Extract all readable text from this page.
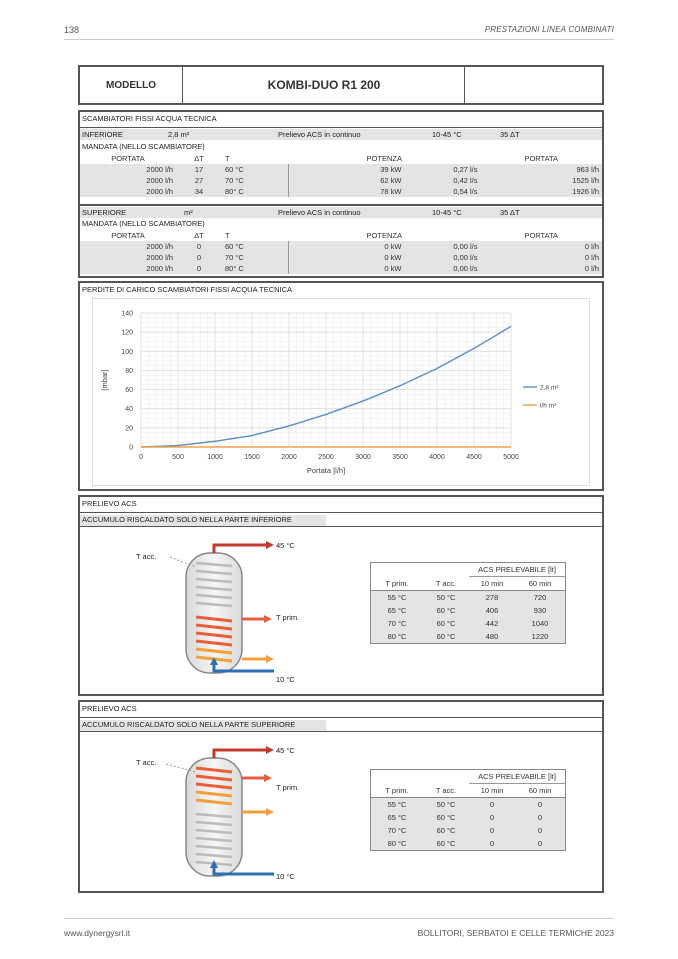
138	PRESTAZIONI LINEA COMBINATI
MODELLO	KOMBI-DUO R1 200
SCAMBIATORI FISSI ACQUA TECNICA
INFERIORE	2,8 m²	Prelievo ACS in continuo	10-45 °C	35 ΔT
MANDATA (NELLO SCAMBIATORE)
PORTATA	ΔT	T	POTENZA		PORTATA
2000 l/h	17	60 °C	39 kW	0,27 l/s	963 l/h
2000 l/h	27	70 °C	62 kW	0,42 l/s	1525 l/h
2000 l/h	34	80° C	78 kW	0,54 l/s	1926 l/h
SUPERIORE	m²	Prelievo ACS in continuo	10-45 °C	35 ΔT
MANDATA (NELLO SCAMBIATORE)
PORTATA	ΔT	T	POTENZA		PORTATA
2000 l/h	0	60 °C	0 kW	0,00 l/s	0 l/h
2000 l/h	0	70 °C	0 kW	0,00 l/s	0 l/h
2000 l/h	0	80° C	0 kW	0,00 l/s	0 l/h
PERDITE DI CARICO SCAMBIATORI FISSI ACQUA TECNICA
0	500	1000	1500	2000	2500	3000	3500	4000	4500	5000
0
20
40
60
80
100
120
140
Portata [l/h]
[mbar]	2,8 m²
l/h m²
PRELIEVO ACS
ACCUMULO RISCALDATO SOLO NELLA PARTE INFERIORE
T acc.
45 °C
T prim.
10 °C
		ACS PRELEVABILE [lt]	
T prim.	T acc.	10 min	60 min
55 °C	50 °C	278	720
65 °C	60 °C	406	930
70 °C	60 °C	442	1040
80 °C	60 °C	480	1220
PRELIEVO ACS
ACCUMULO RISCALDATO SOLO NELLA PARTE SUPERIORE
T acc.
45 °C
T prim.
10 °C
		ACS PRELEVABILE [lt]	
T prim.	T acc.	10 min	60 min
55 °C	50 °C	0	0
65 °C	60 °C	0	0
70 °C	60 °C	0	0
80 °C	60 °C	0	0
www.dynergysrl.it	BOLLITORI, SERBATOI E CELLE TERMICHE 2023
